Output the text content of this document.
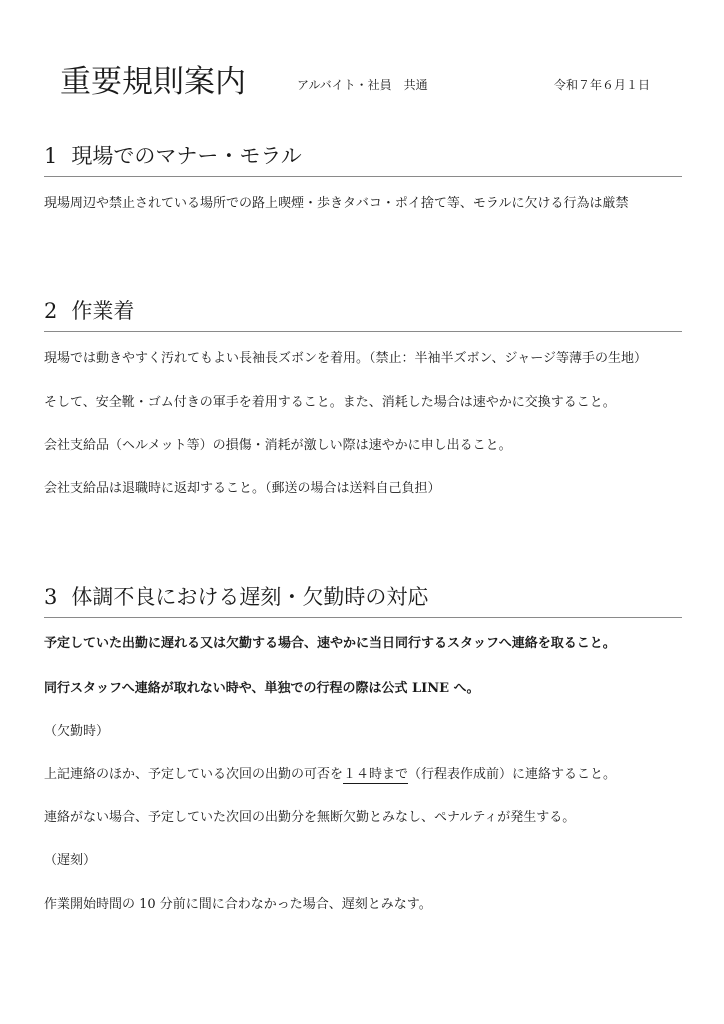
重要規則案内	アルバイト・社員　共通	令和７年６月１日
1 現場でのマナー・モラル
現場周辺や禁止されている場所での路上喫煙・歩きタバコ・ポイ捨て等、モラルに欠ける行為は厳禁
2 作業着
現場では動きやすく汚れてもよい長袖長ズボンを着用。（禁止：半袖半ズボン、ジャージ等薄手の生地）
そして、安全靴・ゴム付きの軍手を着用すること。また、消耗した場合は速やかに交換すること。
会社支給品（ヘルメット等）の損傷・消耗が激しい際は速やかに申し出ること。
会社支給品は退職時に返却すること。（郵送の場合は送料自己負担）
3 体調不良における遅刻・欠勤時の対応
予定していた出勤に遅れる又は欠勤する場合、速やかに当日同行するスタッフへ連絡を取ること。
同行スタッフへ連絡が取れない時や、単独での行程の際は公式 LINE へ。
（欠勤時）
上記連絡のほか、予定している次回の出勤の可否を１４時まで（行程表作成前）に連絡すること。
連絡がない場合、予定していた次回の出勤分を無断欠勤とみなし、ペナルティが発生する。
（遅刻）
作業開始時間の 10 分前に間に合わなかった場合、遅刻とみなす。
